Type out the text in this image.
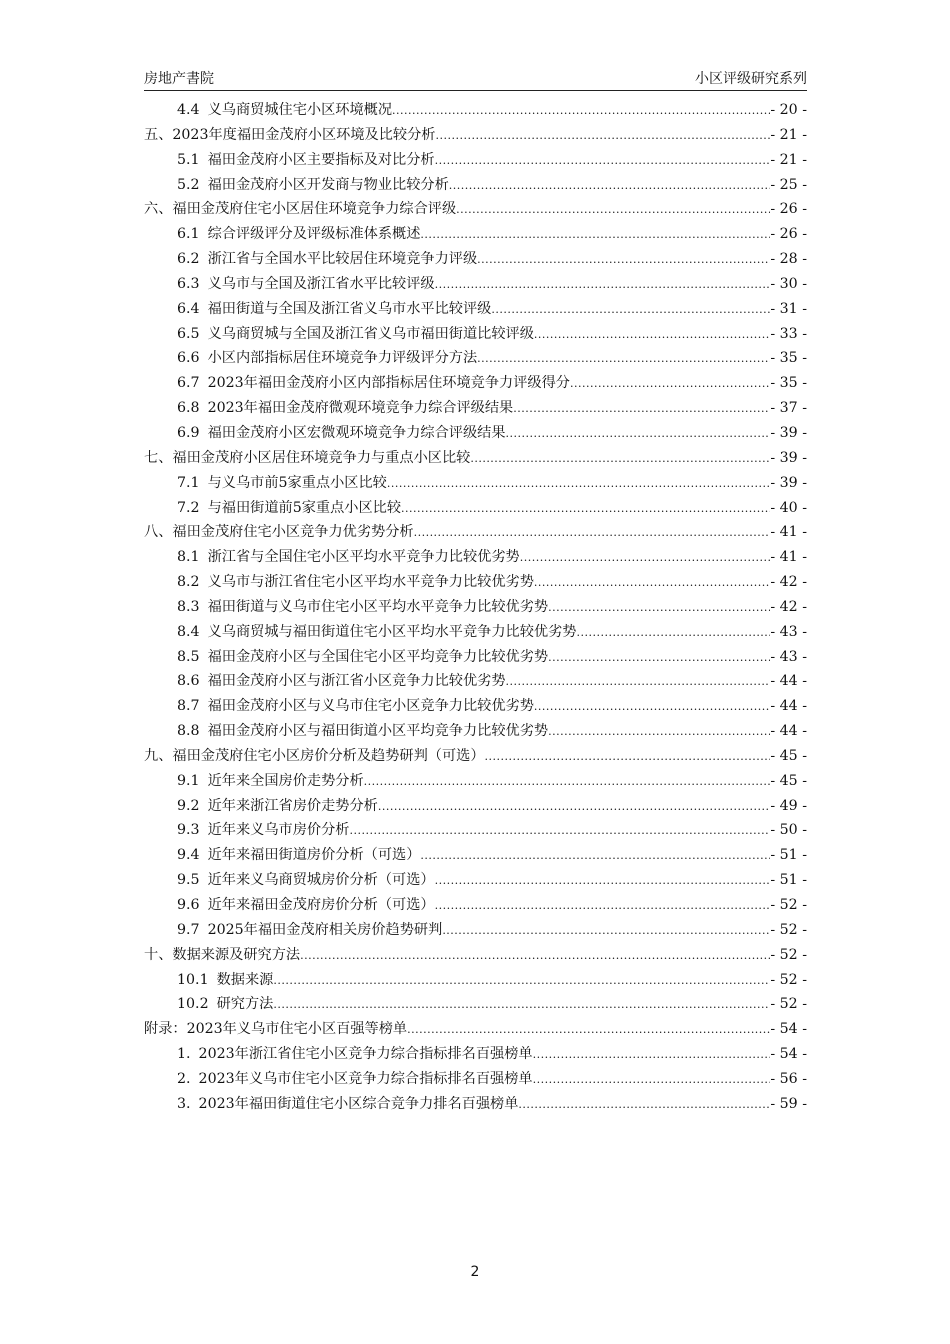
房地产書院	小区评级研究系列
4.4 义乌商贸城住宅小区环境概况 .....	- 20 -
五、2023年度福田金茂府小区环境及比较分析 .....	- 21 -
5.1 福田金茂府小区主要指标及对比分析 .....	- 21 -
5.2 福田金茂府小区开发商与物业比较分析 .....	- 25 -
六、福田金茂府住宅小区居住环境竞争力综合评级 .....	- 26 -
6.1 综合评级评分及评级标准体系概述 .....	- 26 -
6.2 浙江省与全国水平比较居住环境竞争力评级 .....	- 28 -
6.3 义乌市与全国及浙江省水平比较评级 .....	- 30 -
6.4 福田街道与全国及浙江省义乌市水平比较评级 .....	- 31 -
6.5 义乌商贸城与全国及浙江省义乌市福田街道比较评级 .....	- 33 -
6.6 小区内部指标居住环境竞争力评级评分方法 .....	- 35 -
6.7 2023年福田金茂府小区内部指标居住环境竞争力评级得分 .....	- 35 -
6.8 2023年福田金茂府微观环境竞争力综合评级结果 .....	- 37 -
6.9 福田金茂府小区宏微观环境竞争力综合评级结果 .....	- 39 -
七、福田金茂府小区居住环境竞争力与重点小区比较 .....	- 39 -
7.1 与义乌市前5家重点小区比较 .....	- 39 -
7.2 与福田街道前5家重点小区比较 .....	- 40 -
八、福田金茂府住宅小区竞争力优劣势分析 .....	- 41 -
8.1 浙江省与全国住宅小区平均水平竞争力比较优劣势 .....	- 41 -
8.2 义乌市与浙江省住宅小区平均水平竞争力比较优劣势 .....	- 42 -
8.3 福田街道与义乌市住宅小区平均水平竞争力比较优劣势 .....	- 42 -
8.4 义乌商贸城与福田街道住宅小区平均水平竞争力比较优劣势 .....	- 43 -
8.5 福田金茂府小区与全国住宅小区平均竞争力比较优劣势 .....	- 43 -
8.6 福田金茂府小区与浙江省小区竞争力比较优劣势 .....	- 44 -
8.7 福田金茂府小区与义乌市住宅小区竞争力比较优劣势 .....	- 44 -
8.8 福田金茂府小区与福田街道小区平均竞争力比较优劣势 .....	- 44 -
九、福田金茂府住宅小区房价分析及趋势研判（可选） .....	- 45 -
9.1 近年来全国房价走势分析 .....	- 45 -
9.2 近年来浙江省房价走势分析 .....	- 49 -
9.3 近年来义乌市房价分析 .....	- 50 -
9.4 近年来福田街道房价分析（可选） .....	- 51 -
9.5 近年来义乌商贸城房价分析（可选） .....	- 51 -
9.6 近年来福田金茂府房价分析（可选） .....	- 52 -
9.7 2025年福田金茂府相关房价趋势研判 .....	- 52 -
十、数据来源及研究方法 .....	- 52 -
10.1 数据来源 .....	- 52 -
10.2 研究方法 .....	- 52 -
附录：2023年义乌市住宅小区百强等榜单 .....	- 54 -
1. 2023年浙江省住宅小区竞争力综合指标排名百强榜单 .....	- 54 -
2. 2023年义乌市住宅小区竞争力综合指标排名百强榜单 .....	- 56 -
3. 2023年福田街道住宅小区综合竞争力排名百强榜单 .....	- 59 -
2
